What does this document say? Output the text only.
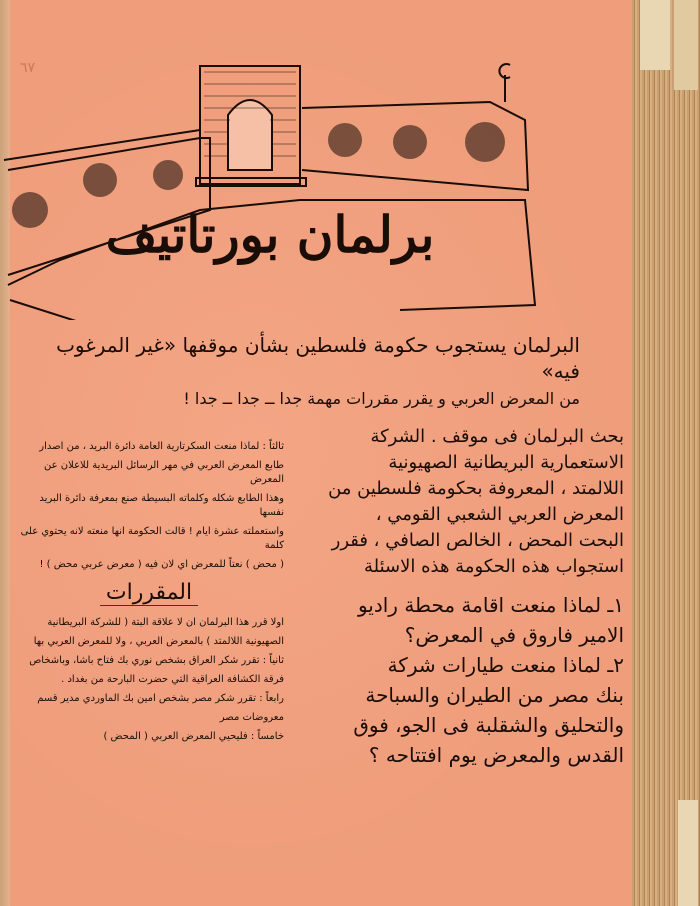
٦٧
برلمان بورتاتيف
البرلمان يستجوب حكومة فلسطين بشأن موقفها «غير المرغوب فيه»
من المعرض العربي و يقرر مقررات مهمة جدا ــ جدا ــ جدا !
بحث البرلمان فى موقف . الشركة
الاستعمارية البريطانية الصهيونية
اللالمتد ، المعروفة بحكومة فلسطين من
المعرض العربي الشعبي القومي ،
البحت المحض ، الخالص الصافي ، فقرر
استجواب هذه الحكومة هذه الاسئلة
١ـ لماذا منعت اقامة محطة راديو
الامير فاروق في المعرض؟
٢ـ لماذا منعت طيارات شركة
بنك مصر من الطيران والسباحة
والتحليق والشقلبة فى الجو، فوق
القدس والمعرض يوم افتتاحه ؟
ثالثاً : لماذا منعت السكرتارية العامة دائرة البريد ، من اصدار
طابع المعرض العربي في مهر الرسائل البريدية للاعلان عن المعرض
وهذا الطابع شكله وكلماته البسيطة صنع بمعرفة دائرة البريد نفسها
واستعملته عشرة ايام ! قالت الحكومة انها منعته لانه يحتوي على كلمة
( محض ) نعتاً للمعرض اي لان فيه ( معرض عربي محض ) !
المقررات
اولا قرر هذا البرلمان ان لا علاقة البتة ( للشركة البريطانية
الصهيونية اللالمتد ) بالمعرض العربي ، ولا للمعرض العربي بها
ثانياً : تقرر شكر العراق بشخص نوري بك فتاح باشا، وباشخاص
فرقة الكشافة العراقية التي حضرت البارحة من بغداد .
رابعاً : تقرر شكر مصر بشخص امين بك الماوردي مدير قسم
معروضات مصر
خامساً : فليحيي المعرض العربي ( المحض )
